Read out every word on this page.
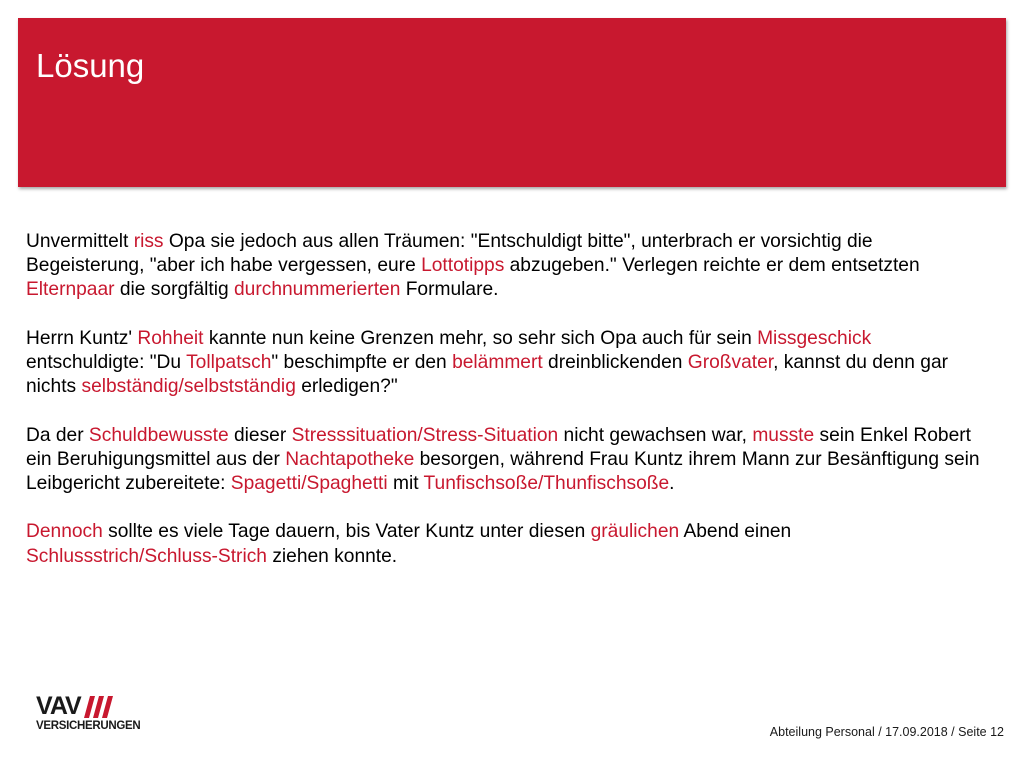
Lösung

Unvermittelt riss Opa sie jedoch aus allen Träumen: "Entschuldigt bitte", unterbrach er vorsichtig die Begeisterung, "aber ich habe vergessen, eure Lottotipps abzugeben." Verlegen reichte er dem entsetzten Elternpaar die sorgfältig durchnummerierten Formulare.

Herrn Kuntz' Rohheit kannte nun keine Grenzen mehr, so sehr sich Opa auch für sein Missgeschick entschuldigte: "Du Tollpatsch" beschimpfte er den belämmert dreinblickenden Großvater, kannst du denn gar nichts selbständig/selbstständig erledigen?"

Da der Schuldbewusste dieser Stresssituation/Stress-Situation nicht gewachsen war, musste sein Enkel Robert ein Beruhigungsmittel aus der Nachtapotheke besorgen, während Frau Kuntz ihrem Mann zur Besänftigung sein Leibgericht zubereitete: Spagetti/Spaghetti mit Tunfischsoße/Thunfischsoße.

Dennoch sollte es viele Tage dauern, bis Vater Kuntz unter diesen gräulichen Abend einen Schlussstrich/Schluss-Strich ziehen konnte.

VAV
VERSICHERUNGEN	Abteilung Personal / 17.09.2018 / Seite 12
